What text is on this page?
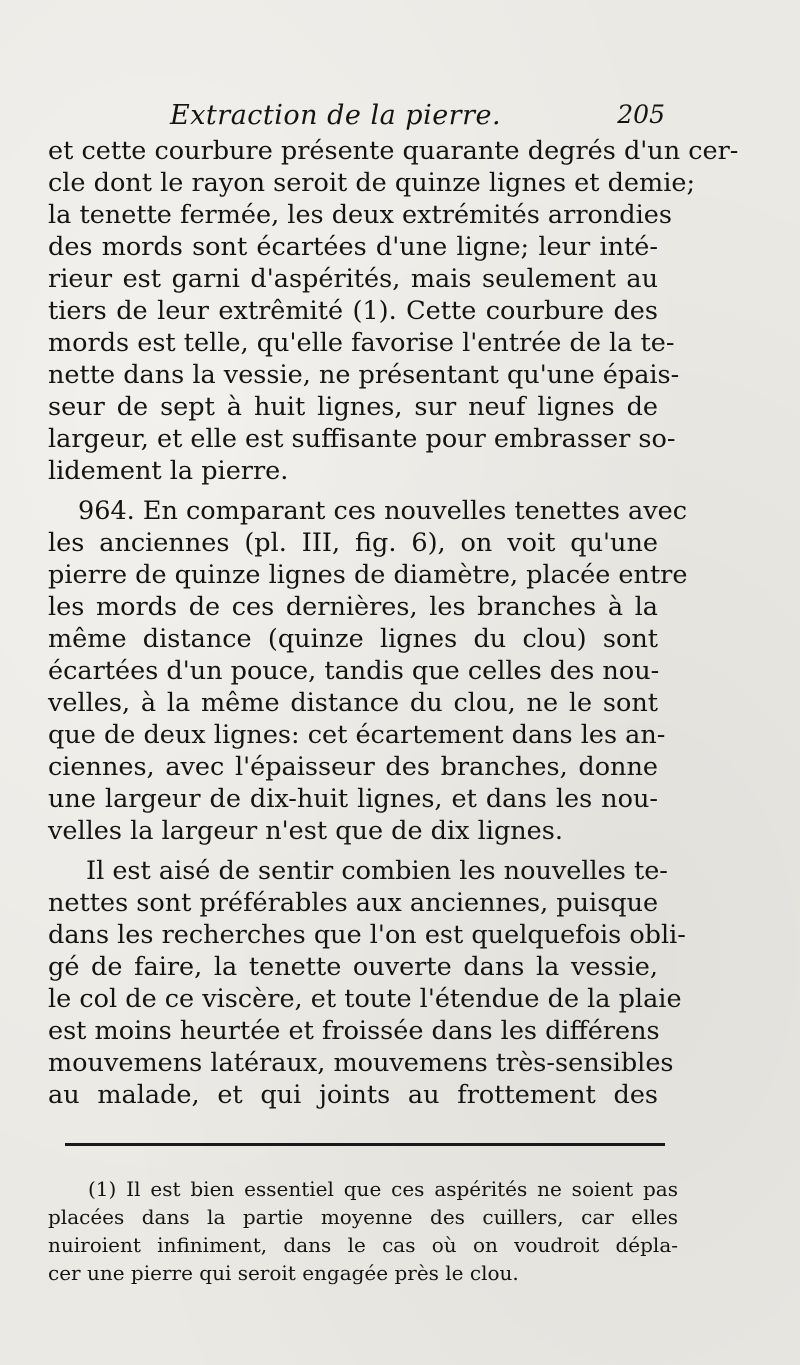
Extraction de la pierre.	205
et cette courbure présente quarante degrés d'un cer-
cle dont le rayon seroit de quinze lignes et demie;
la tenette fermée, les deux extrémités arrondies
des mords sont écartées d'une ligne; leur inté-
rieur est garni d'aspérités, mais seulement au
tiers de leur extrêmité (1). Cette courbure des
mords est telle, qu'elle favorise l'entrée de la te-
nette dans la vessie, ne présentant qu'une épais-
seur de sept à huit lignes, sur neuf lignes de
largeur, et elle est suffisante pour embrasser so-
lidement la pierre.
964. En comparant ces nouvelles tenettes avec
les anciennes (pl. III, fig. 6), on voit qu'une
pierre de quinze lignes de diamètre, placée entre
les mords de ces dernières, les branches à la
même distance (quinze lignes du clou) sont
écartées d'un pouce, tandis que celles des nou-
velles, à la même distance du clou, ne le sont
que de deux lignes: cet écartement dans les an-
ciennes, avec l'épaisseur des branches, donne
une largeur de dix-huit lignes, et dans les nou-
velles la largeur n'est que de dix lignes.
Il est aisé de sentir combien les nouvelles te-
nettes sont préférables aux anciennes, puisque
dans les recherches que l'on est quelquefois obli-
gé de faire, la tenette ouverte dans la vessie,
le col de ce viscère, et toute l'étendue de la plaie
est moins heurtée et froissée dans les différens
mouvemens latéraux, mouvemens très-sensibles
au malade, et qui joints au frottement des
(1) Il est bien essentiel que ces aspérités ne soient pas
placées dans la partie moyenne des cuillers, car elles
nuiroient infiniment, dans le cas où on voudroit dépla-
cer une pierre qui seroit engagée près le clou.
